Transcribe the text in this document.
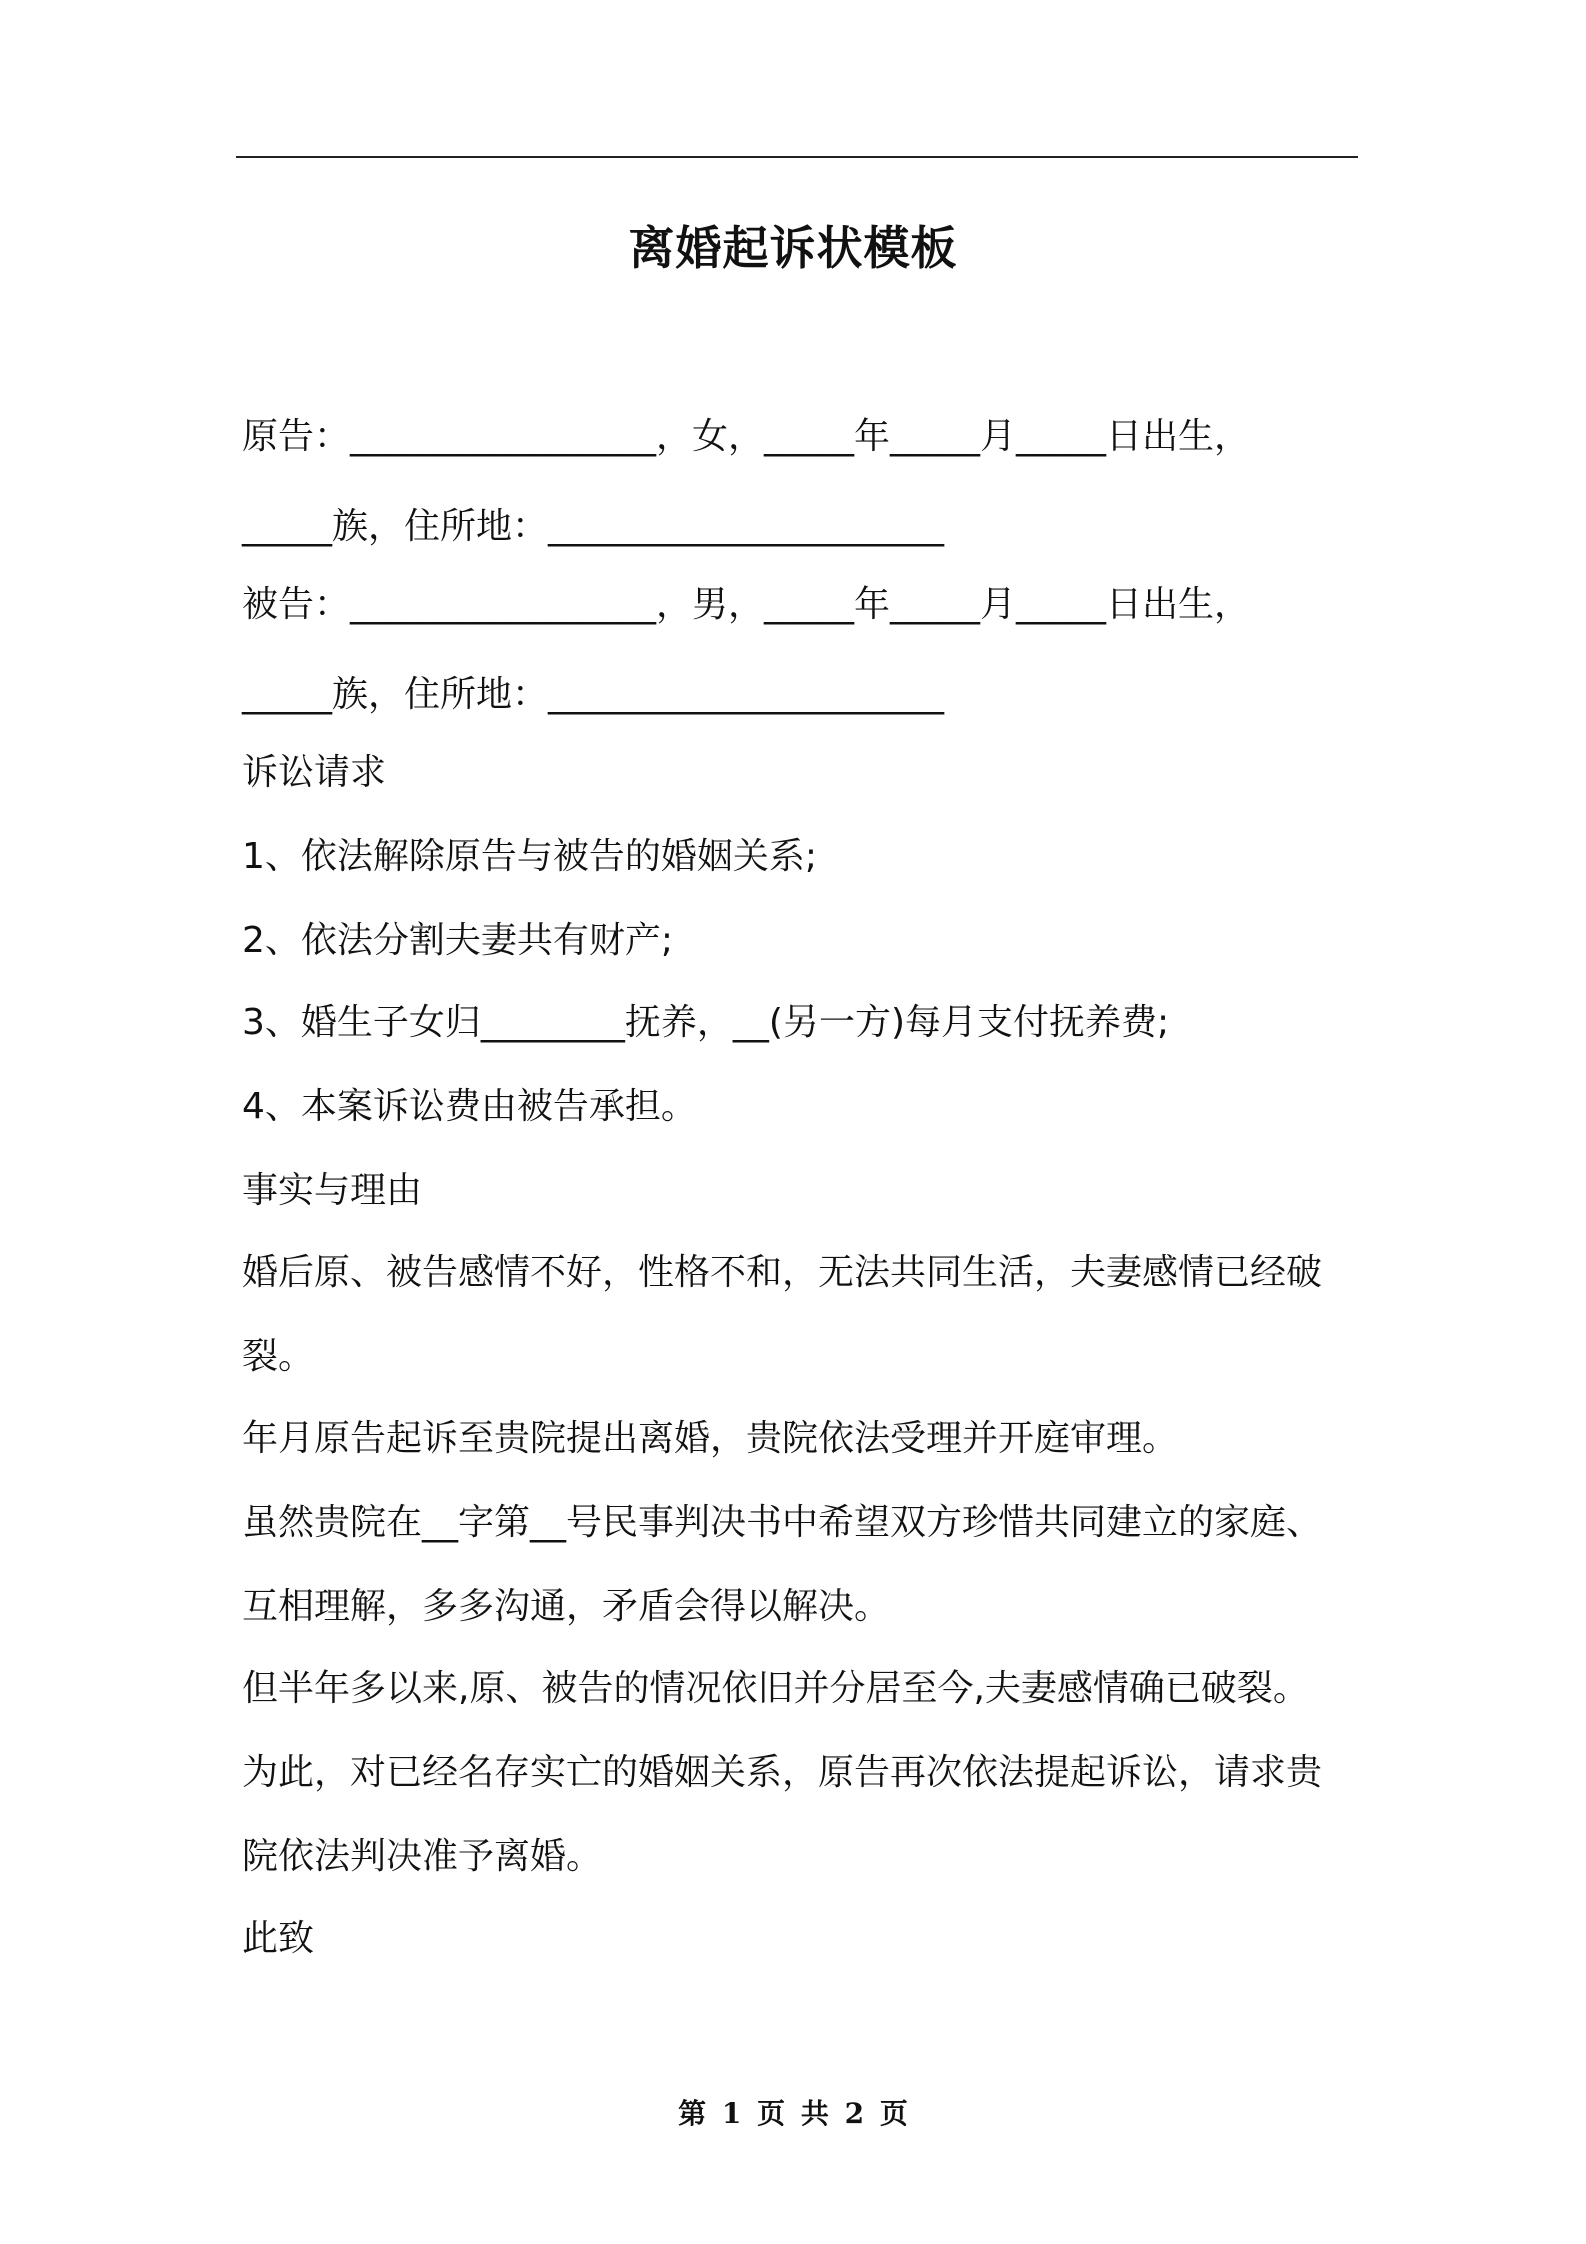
离婚起诉状模板
原告：_________________，女，_____年_____月_____日出生，
_____族，住所地：______________________
被告：_________________，男，_____年_____月_____日出生，
_____族，住所地：______________________
诉讼请求
1、依法解除原告与被告的婚姻关系;
2、依法分割夫妻共有财产;
3、婚生子女归________抚养，__(另一方)每月支付抚养费;
4、本案诉讼费由被告承担。
事实与理由
婚后原、被告感情不好，性格不和，无法共同生活，夫妻感情已经破
裂。
年月原告起诉至贵院提出离婚，贵院依法受理并开庭审理。
虽然贵院在__字第__号民事判决书中希望双方珍惜共同建立的家庭、
互相理解，多多沟通，矛盾会得以解决。
但半年多以来,原、被告的情况依旧并分居至今,夫妻感情确已破裂。
为此，对已经名存实亡的婚姻关系，原告再次依法提起诉讼，请求贵
院依法判决准予离婚。
此致
第 1 页 共 2 页
